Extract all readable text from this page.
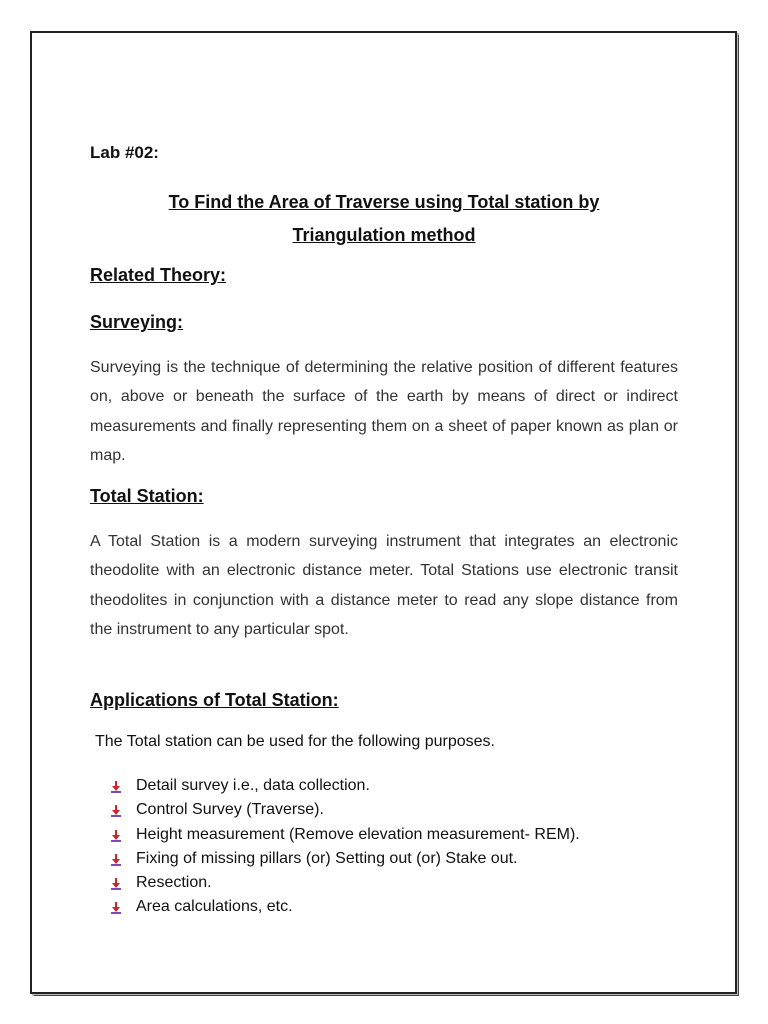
Lab #02:
To Find the Area of Traverse using Total station by
Triangulation method
Related Theory:
Surveying:
Surveying is the technique of determining the relative position of different features on, above or beneath the surface of the earth by means of direct or indirect measurements and finally representing them on a sheet of paper known as plan or map.
Total Station:
A Total Station is a modern surveying instrument that integrates an electronic theodolite with an electronic distance meter. Total Stations use electronic transit theodolites in conjunction with a distance meter to read any slope distance from the instrument to any particular spot.
Applications of Total Station:
The Total station can be used for the following purposes.
Detail survey i.e., data collection.
Control Survey (Traverse).
Height measurement (Remove elevation measurement- REM).
Fixing of missing pillars (or) Setting out (or) Stake out.
Resection.
Area calculations, etc.
